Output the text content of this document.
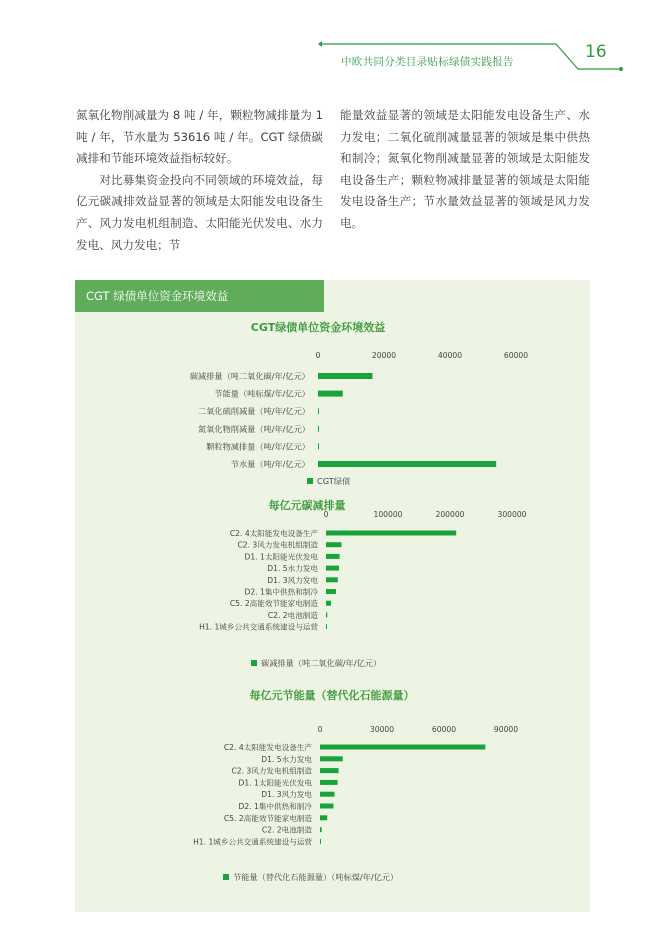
中欧共同分类目录贴标绿债实践报告	16

氮氧化物削减量为 8 吨 / 年，颗粒物减排量为 1 吨 / 年，节水量为 53616 吨 / 年。CGT 绿债碳减排和节能环境效益指标较好。

对比募集资金投向不同领域的环境效益，每亿元碳减排效益显著的领域是太阳能发电设备生产、风力发电机组制造、太阳能光伏发电、水力发电、风力发电；节

能量效益显著的领域是太阳能发电设备生产、水力发电；二氧化硫削减量显著的领域是集中供热和制冷；氮氧化物削减量显著的领域是太阳能发电设备生产；颗粒物减排量显著的领域是太阳能发电设备生产；节水量效益显著的领域是风力发电。

CGT 绿债单位资金环境效益
CGT绿债单位资金环境效益
0	20000	40000	60000
碳减排量（吨二氧化碳/年/亿元）
节能量（吨标煤/年/亿元）
二氧化硫削减量（吨/年/亿元）
氮氧化物削减量（吨/年/亿元）
颗粒物减排量（吨/年/亿元）
节水量（吨/年/亿元）
CGT绿债
每亿元碳减排量
0	100000	200000	300000
C2. 4太阳能发电设备生产
C2. 3风力发电机组制造
D1. 1太阳能光伏发电
D1. 5水力发电
D1. 3风力发电
D2. 1集中供热和制冷
C5. 2高能效节能家电制造
C2. 2电池制造
H1. 1城乡公共交通系统建设与运营
碳减排量（吨二氧化碳/年/亿元）
每亿元节能量（替代化石能源量）
0	30000	60000	90000
C2. 4太阳能发电设备生产
D1. 5水力发电
C2. 3风力发电机组制造
D1. 1太阳能光伏发电
D1. 3风力发电
D2. 1集中供热和制冷
C5. 2高能效节能家电制造
C2. 2电池制造
H1. 1城乡公共交通系统建设与运营
节能量（替代化石能源量）（吨标煤/年/亿元）
